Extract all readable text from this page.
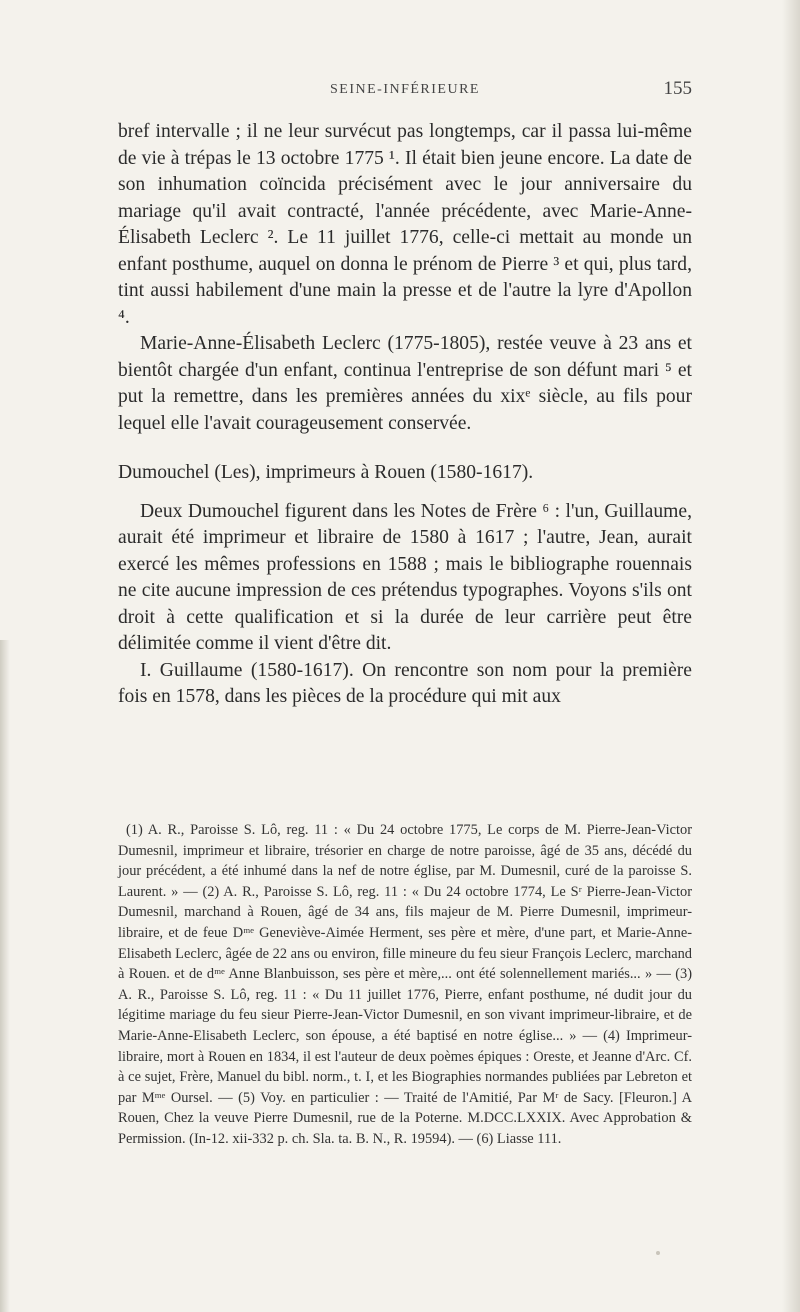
SEINE-INFÉRIEURE	155

bref intervalle ; il ne leur survécut pas longtemps, car il passa lui-même de vie à trépas le 13 octobre 1775 ¹. Il était bien jeune encore. La date de son inhumation coïncida précisément avec le jour anniversaire du mariage qu'il avait contracté, l'année précédente, avec Marie-Anne-Élisabeth Leclerc ². Le 11 juillet 1776, celle-ci mettait au monde un enfant posthume, auquel on donna le prénom de Pierre ³ et qui, plus tard, tint aussi habilement d'une main la presse et de l'autre la lyre d'Apollon ⁴.

Marie-Anne-Élisabeth Leclerc (1775-1805), restée veuve à 23 ans et bientôt chargée d'un enfant, continua l'entreprise de son défunt mari ⁵ et put la remettre, dans les premières années du xixᵉ siècle, au fils pour lequel elle l'avait courageusement conservée.

Dumouchel (Les), imprimeurs à Rouen (1580-1617).

Deux Dumouchel figurent dans les Notes de Frère ⁶ : l'un, Guillaume, aurait été imprimeur et libraire de 1580 à 1617 ; l'autre, Jean, aurait exercé les mêmes professions en 1588 ; mais le bibliographe rouennais ne cite aucune impression de ces prétendus typographes. Voyons s'ils ont droit à cette qualification et si la durée de leur carrière peut être délimitée comme il vient d'être dit.

I. Guillaume (1580-1617). On rencontre son nom pour la première fois en 1578, dans les pièces de la procédure qui mit aux

(1) A. R., Paroisse S. Lô, reg. 11 : « Du 24 octobre 1775, Le corps de M. Pierre-Jean-Victor Dumesnil, imprimeur et libraire, trésorier en charge de notre paroisse, âgé de 35 ans, décédé du jour précédent, a été inhumé dans la nef de notre église, par M. Dumesnil, curé de la paroisse S. Laurent. » — (2) A. R., Paroisse S. Lô, reg. 11 : « Du 24 octobre 1774, Le Sʳ Pierre-Jean-Victor Dumesnil, marchand à Rouen, âgé de 34 ans, fils majeur de M. Pierre Dumesnil, imprimeur-libraire, et de feue Dᵐᵉ Geneviève-Aimée Herment, ses père et mère, d'une part, et Marie-Anne-Elisabeth Leclerc, âgée de 22 ans ou environ, fille mineure du feu sieur François Leclerc, marchand à Rouen. et de dᵐᵉ Anne Blanbuisson, ses père et mère,... ont été solennellement mariés... » — (3) A. R., Paroisse S. Lô, reg. 11 : « Du 11 juillet 1776, Pierre, enfant posthume, né dudit jour du légitime mariage du feu sieur Pierre-Jean-Victor Dumesnil, en son vivant imprimeur-libraire, et de Marie-Anne-Elisabeth Leclerc, son épouse, a été baptisé en notre église... » — (4) Imprimeur-libraire, mort à Rouen en 1834, il est l'auteur de deux poèmes épiques : Oreste, et Jeanne d'Arc. Cf. à ce sujet, Frère, Manuel du bibl. norm., t. I, et les Biographies normandes publiées par Lebreton et par Mᵐᵉ Oursel. — (5) Voy. en particulier : — Traité de l'Amitié, Par Mʳ de Sacy. [Fleuron.] A Rouen, Chez la veuve Pierre Dumesnil, rue de la Poterne. M.DCC.LXXIX. Avec Approbation & Permission. (In-12. xii-332 p. ch. Sla. ta. B. N., R. 19594). — (6) Liasse 111.
